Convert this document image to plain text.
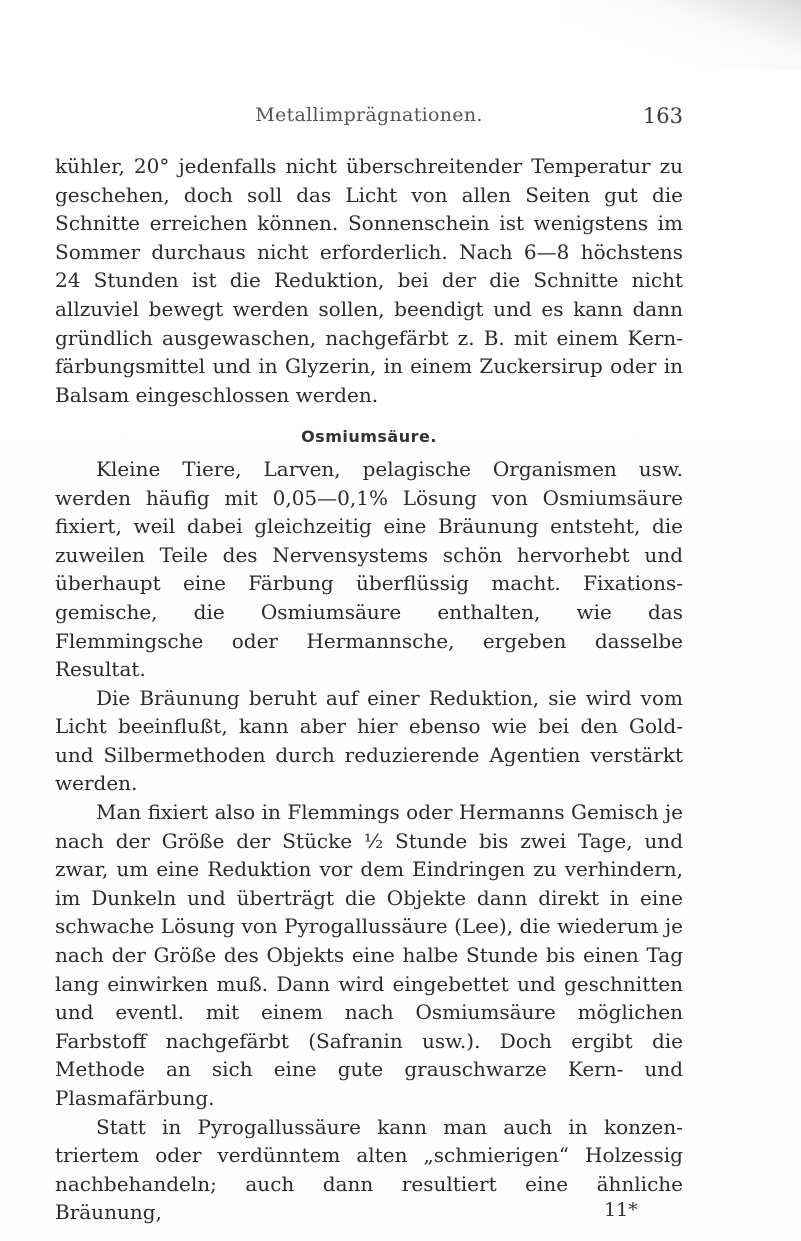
Metallimprägnationen.	163

kühler, 20° jedenfalls nicht überschreitender Temperatur zu geschehen, doch soll das Licht von allen Seiten gut die Schnitte erreichen können. Sonnenschein ist wenigstens im Sommer durchaus nicht erforderlich. Nach 6—8 höchstens 24 Stunden ist die Reduktion, bei der die Schnitte nicht allzuviel bewegt werden sollen, beendigt und es kann dann gründlich ausgewaschen, nachgefärbt z. B. mit einem Kern- färbungsmittel und in Glyzerin, in einem Zuckersirup oder in Balsam eingeschlossen werden.

Osmiumsäure.

Kleine Tiere, Larven, pelagische Organismen usw. werden häufig mit 0,05—0,1% Lösung von Osmiumsäure fixiert, weil dabei gleichzeitig eine Bräunung entsteht, die zuweilen Teile des Nervensystems schön hervorhebt und überhaupt eine Färbung überflüssig macht. Fixations- gemische, die Osmiumsäure enthalten, wie das Flemmingsche oder Hermannsche, ergeben dasselbe Resultat.

Die Bräunung beruht auf einer Reduktion, sie wird vom Licht beeinflußt, kann aber hier ebenso wie bei den Gold- und Silbermethoden durch reduzierende Agentien verstärkt werden.

Man fixiert also in Flemmings oder Hermanns Gemisch je nach der Größe der Stücke ½ Stunde bis zwei Tage, und zwar, um eine Reduktion vor dem Eindringen zu verhindern, im Dunkeln und überträgt die Objekte dann direkt in eine schwache Lösung von Pyrogallussäure (Lee), die wiederum je nach der Größe des Objekts eine halbe Stunde bis einen Tag lang einwirken muß. Dann wird eingebettet und geschnitten und eventl. mit einem nach Osmiumsäure möglichen Farbstoff nachgefärbt (Safranin usw.). Doch ergibt die Methode an sich eine gute grauschwarze Kern- und Plasmafärbung.

Statt in Pyrogallussäure kann man auch in konzen- triertem oder verdünntem alten „schmierigen“ Holzessig nachbehandeln; auch dann resultiert eine ähnliche Bräunung,	11*
